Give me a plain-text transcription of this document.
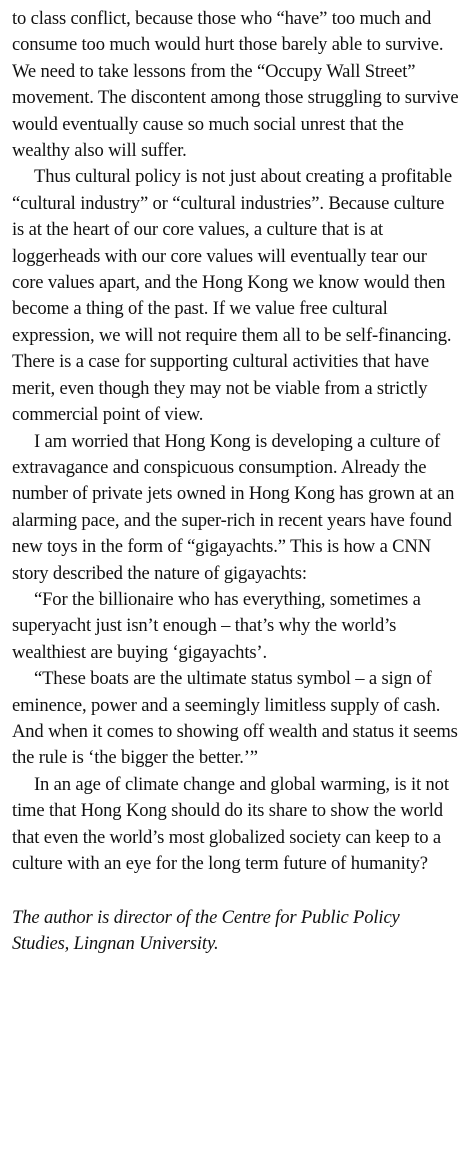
to class conflict, because those who “have” too much and consume too much would hurt those barely able to survive. We need to take lessons from the “Occupy Wall Street” movement. The discontent among those struggling to survive would eventually cause so much social unrest that the wealthy also will suffer.

Thus cultural policy is not just about creating a profitable “cultural industry” or “cultural industries”. Because culture is at the heart of our core values, a culture that is at loggerheads with our core values will eventually tear our core values apart, and the Hong Kong we know would then become a thing of the past. If we value free cultural expression, we will not require them all to be self-financing. There is a case for supporting cultural activities that have merit, even though they may not be viable from a strictly commercial point of view.

I am worried that Hong Kong is developing a culture of extravagance and conspicuous consumption. Already the number of private jets owned in Hong Kong has grown at an alarming pace, and the super-rich in recent years have found new toys in the form of “gigayachts.” This is how a CNN story described the nature of gigayachts:

“For the billionaire who has everything, sometimes a superyacht just isn’t enough – that’s why the world’s wealthiest are buying ‘gigayachts’.

“These boats are the ultimate status symbol – a sign of eminence, power and a seemingly limitless supply of cash. And when it comes to showing off wealth and status it seems the rule is ‘the bigger the better.’”

In an age of climate change and global warming, is it not time that Hong Kong should do its share to show the world that even the world’s most globalized society can keep to a culture with an eye for the long term future of humanity?

The author is director of the Centre for Public Policy Studies, Lingnan University.
